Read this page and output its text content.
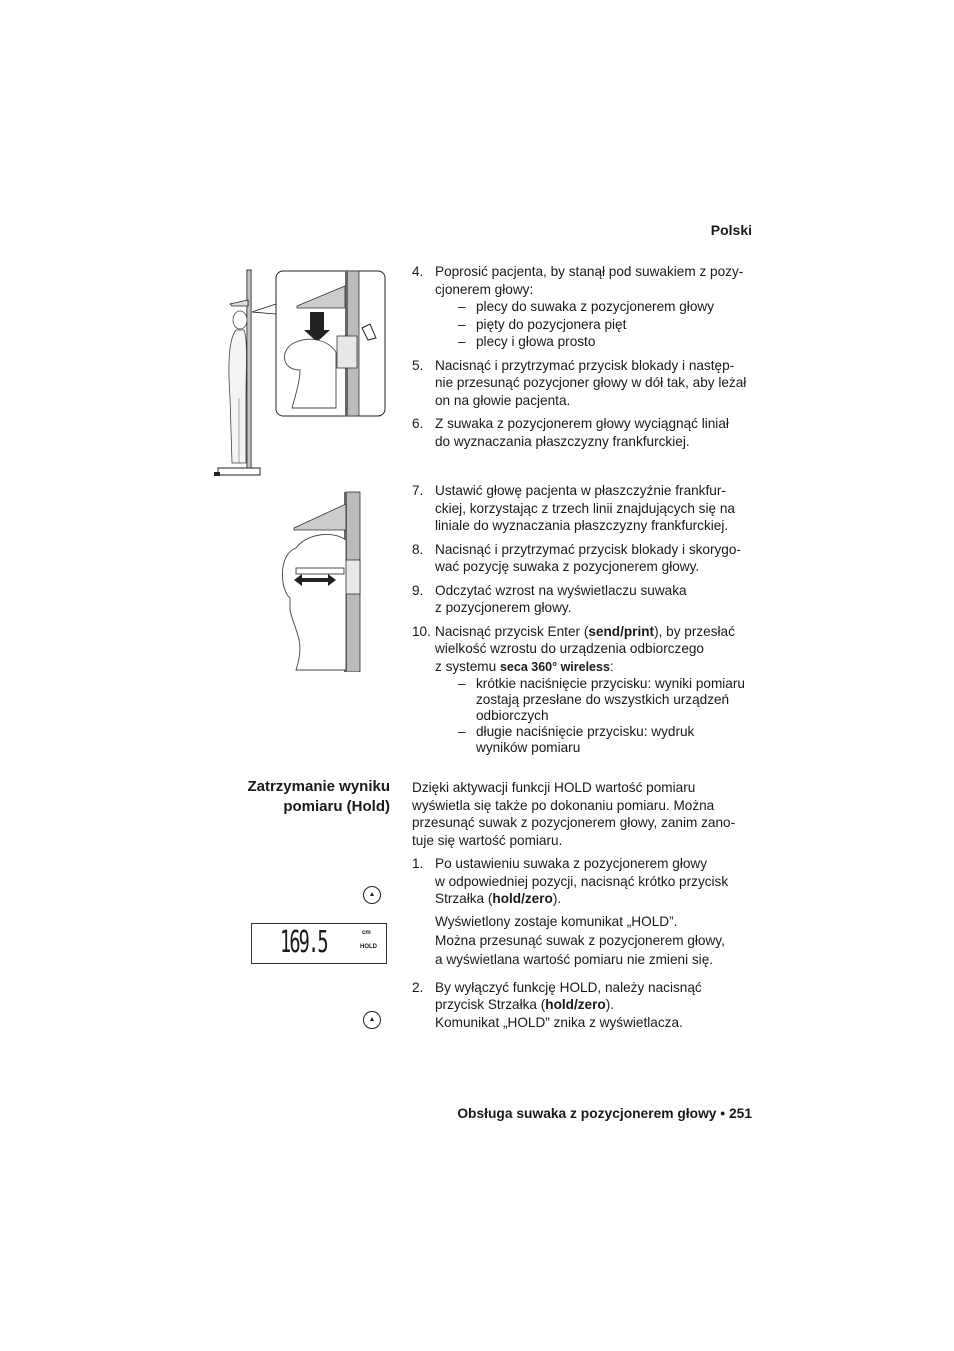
Polski

4. Poprosić pacjenta, by stanął pod suwakiem z pozy-
cjonerem głowy:

– plecy do suwaka z pozycjonerem głowy

– pięty do pozycjonera pięt

– plecy i głowa prosto

5. Nacisnąć i przytrzymać przycisk blokady i następ-
nie przesunąć pozycjoner głowy w dół tak, aby leżał
on na głowie pacjenta.

6. Z suwaka z pozycjonerem głowy wyciągnąć liniał
do wyznaczania płaszczyzny frankfurckiej.

7. Ustawić głowę pacjenta w płaszczyźnie frankfur-
ckiej, korzystając z trzech linii znajdujących się na
liniale do wyznaczania płaszczyzny frankfurckiej.

8. Nacisnąć i przytrzymać przycisk blokady i skorygo-
wać pozycję suwaka z pozycjonerem głowy.

9. Odczytać wzrost na wyświetlaczu suwaka
z pozycjonerem głowy.

10. Nacisnąć przycisk Enter (send/print), by przesłać
wielkość wzrostu do urządzenia odbiorczego
z systemu seca 360° wireless:

– krótkie naciśnięcie przycisku: wyniki pomiaru
zostają przesłane do wszystkich urządzeń
odbiorczych

– długie naciśnięcie przycisku: wydruk
wyników pomiaru

Zatrzymanie wyniku
pomiaru (Hold)

Dzięki aktywacji funkcji HOLD wartość pomiaru
wyświetla się także po dokonaniu pomiaru. Można
przesunąć suwak z pozycjonerem głowy, zanim zano-
tuje się wartość pomiaru.

1. Po ustawieniu suwaka z pozycjonerem głowy
w odpowiedniej pozycji, nacisnąć krótko przycisk
Strzałka (hold/zero).

Wyświetlony zostaje komunikat „HOLD”.
Można przesunąć suwak z pozycjonerem głowy,
a wyświetlana wartość pomiaru nie zmieni się.

2. By wyłączyć funkcję HOLD, należy nacisnąć
przycisk Strzałka (hold/zero).
Komunikat „HOLD” znika z wyświetlacza.

169.5	cm
HOLD
Obsługa suwaka z pozycjonerem głowy • 251
